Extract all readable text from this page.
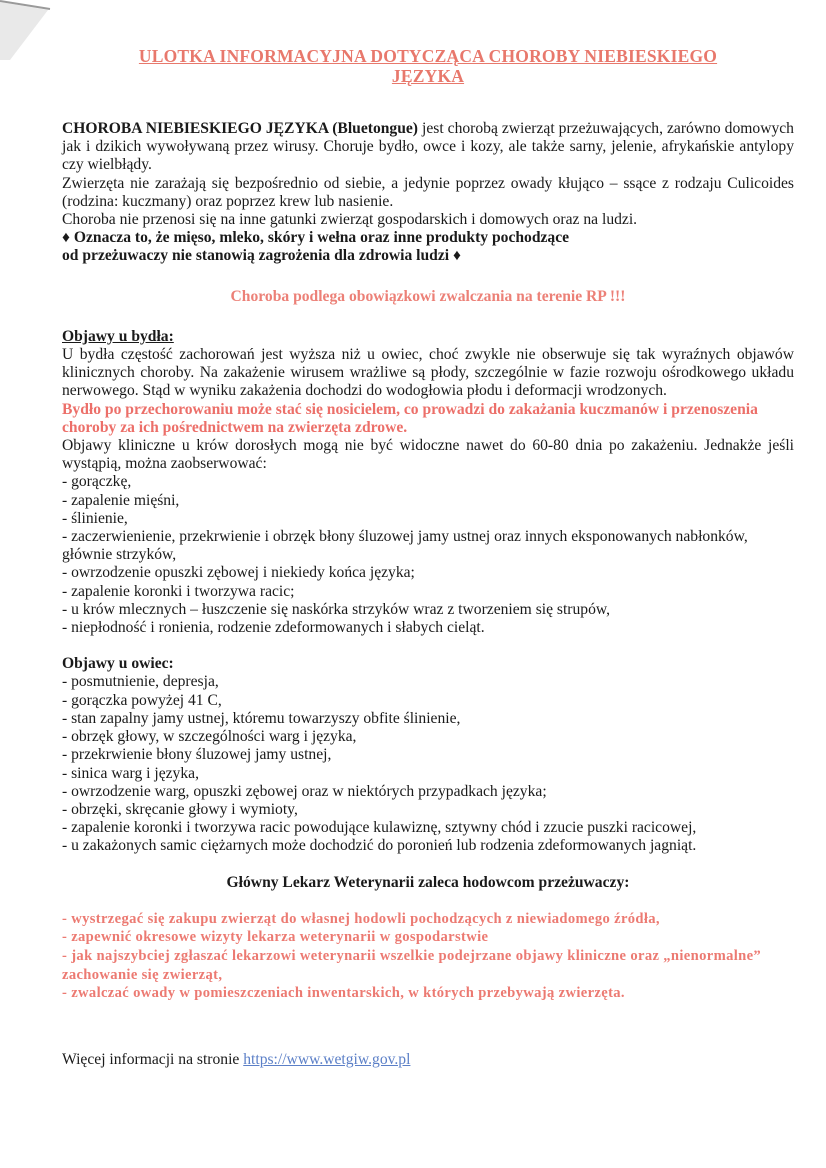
ULOTKA INFORMACYJNA DOTYCZĄCA CHOROBY NIEBIESKIEGO
JĘZYKA

CHOROBA NIEBIESKIEGO JĘZYKA (Bluetongue) jest chorobą zwierząt przeżuwających, zarówno domowych jak i dzikich wywoływaną przez wirusy. Choruje bydło, owce i kozy, ale także sarny, jelenie, afrykańskie antylopy czy wielbłądy.

Zwierzęta nie zarażają się bezpośrednio od siebie, a jedynie poprzez owady kłująco – ssące z rodzaju Culicoides (rodzina: kuczmany) oraz poprzez krew lub nasienie.

Choroba nie przenosi się na inne gatunki zwierząt gospodarskich i domowych oraz na ludzi.

♦ Oznacza to, że mięso, mleko, skóry i wełna oraz inne produkty pochodzące

od przeżuwaczy nie stanowią zagrożenia dla zdrowia ludzi ♦

Choroba podlega obowiązkowi zwalczania na terenie RP !!!
Objawy u bydła:

U bydła częstość zachorowań jest wyższa niż u owiec, choć zwykle nie obserwuje się tak wyraźnych objawów klinicznych choroby. Na zakażenie wirusem wrażliwe są płody, szczególnie w fazie rozwoju ośrodkowego układu nerwowego. Stąd w wyniku zakażenia dochodzi do wodogłowia płodu i deformacji wrodzonych.

Bydło po przechorowaniu może stać się nosicielem, co prowadzi do zakażania kuczmanów i przenoszenia choroby za ich pośrednictwem na zwierzęta zdrowe.

Objawy kliniczne u krów dorosłych mogą nie być widoczne nawet do 60-80 dnia po zakażeniu. Jednakże jeśli wystąpią, można zaobserwować:

- gorączkę,
- zapalenie mięśni,
- ślinienie,
- zaczerwienienie, przekrwienie i obrzęk błony śluzowej jamy ustnej oraz innych eksponowanych nabłonków, głównie strzyków,
- owrzodzenie opuszki zębowej i niekiedy końca języka;
- zapalenie koronki i tworzywa racic;
- u krów mlecznych – łuszczenie się naskórka strzyków wraz z tworzeniem się strupów,
- niepłodność i ronienia, rodzenie zdeformowanych i słabych cieląt.
Objawy u owiec:
- posmutnienie, depresja,
- gorączka powyżej 41 C,
- stan zapalny jamy ustnej, któremu towarzyszy obfite ślinienie,
- obrzęk głowy, w szczególności warg i języka,
- przekrwienie błony śluzowej jamy ustnej,
- sinica warg i języka,
- owrzodzenie warg, opuszki zębowej oraz w niektórych przypadkach języka;
- obrzęki, skręcanie głowy i wymioty,
- zapalenie koronki i tworzywa racic powodujące kulawiznę, sztywny chód i zzucie puszki racicowej,
- u zakażonych samic ciężarnych może dochodzić do poronień lub rodzenia zdeformowanych jagniąt.
Główny Lekarz Weterynarii zaleca hodowcom przeżuwaczy:
- wystrzegać się zakupu zwierząt do własnej hodowli pochodzących z niewiadomego źródła,
- zapewnić okresowe wizyty lekarza weterynarii w gospodarstwie
- jak najszybciej zgłaszać lekarzowi weterynarii wszelkie podejrzane objawy kliniczne oraz „nienormalne” zachowanie się zwierząt,
- zwalczać owady w pomieszczeniach inwentarskich, w których przebywają zwierzęta.

Więcej informacji na stronie https://www.wetgiw.gov.pl
